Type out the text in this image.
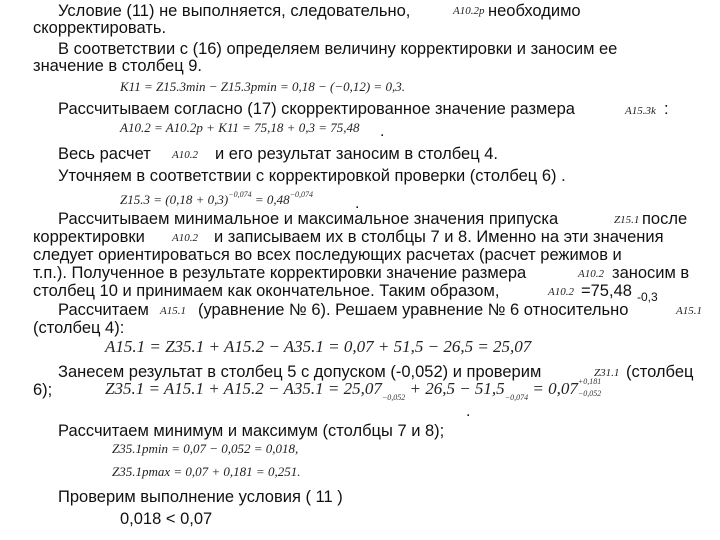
Условие (11) не выполняется, следовательно,	A10.2р необходимо
скорректировать.
В соответствии с (16) определяем величину корректировки и заносим ее
значение в столбец 9.
K11 = Z15.3min − Z15.3pmin = 0,18 − (−0,12) = 0,3.
Рассчитываем согласно (17) скорректированное значение размера	A15.3k :
A10.2 = A10.2р + K11 = 75,18 + 0,3 = 75,48 .
Весь расчет A10.2 и его результат заносим в столбец 4.
Уточняем в соответствии с корректировкой проверки (столбец 6) .
$Z15.3 = (0,18 + 0,3)^{-0,074} = 0,48^{-0,074}$
.
Рассчитываем минимальное и максимальное значения припуска	Z15.1 после
корректировки A10.2 и записываем их в столбцы 7 и 8. Именно на эти значения
следует ориентироваться во всех последующих расчетах (расчет режимов и
т.п.). Полученное в результате корректировки значение размера	A10.2 заносим в
столбец 10 и принимаем как окончательное. Таким образом,	A10.2 =75,48 -0,3
Рассчитаем A15.1 (уравнение № 6). Решаем уравнение № 6 относительно	A15.1
(столбец 4):
A15.1 = Z35.1 + A15.2 − A35.1 = 0,07 + 51,5 − 26,5 = 25,07
Занесем результат в столбец 5 с допуском (-0,052) и проверим	Z31.1 (столбец
6);	$Z35.1 = A15.1 + A15.2 - A35.1 = 25,07_{-0,052} + 26,5 - 51,5_{-0,074} = 0,07 +0,181$
−0,052
.
Рассчитаем минимум и максимум (столбцы 7 и 8);
Z35.1pmin = 0,07 − 0,052 = 0,018,
Z35.1pmax = 0,07 + 0,181 = 0,251.
Проверим выполнение условия ( 11 )
0,018 < 0,07
